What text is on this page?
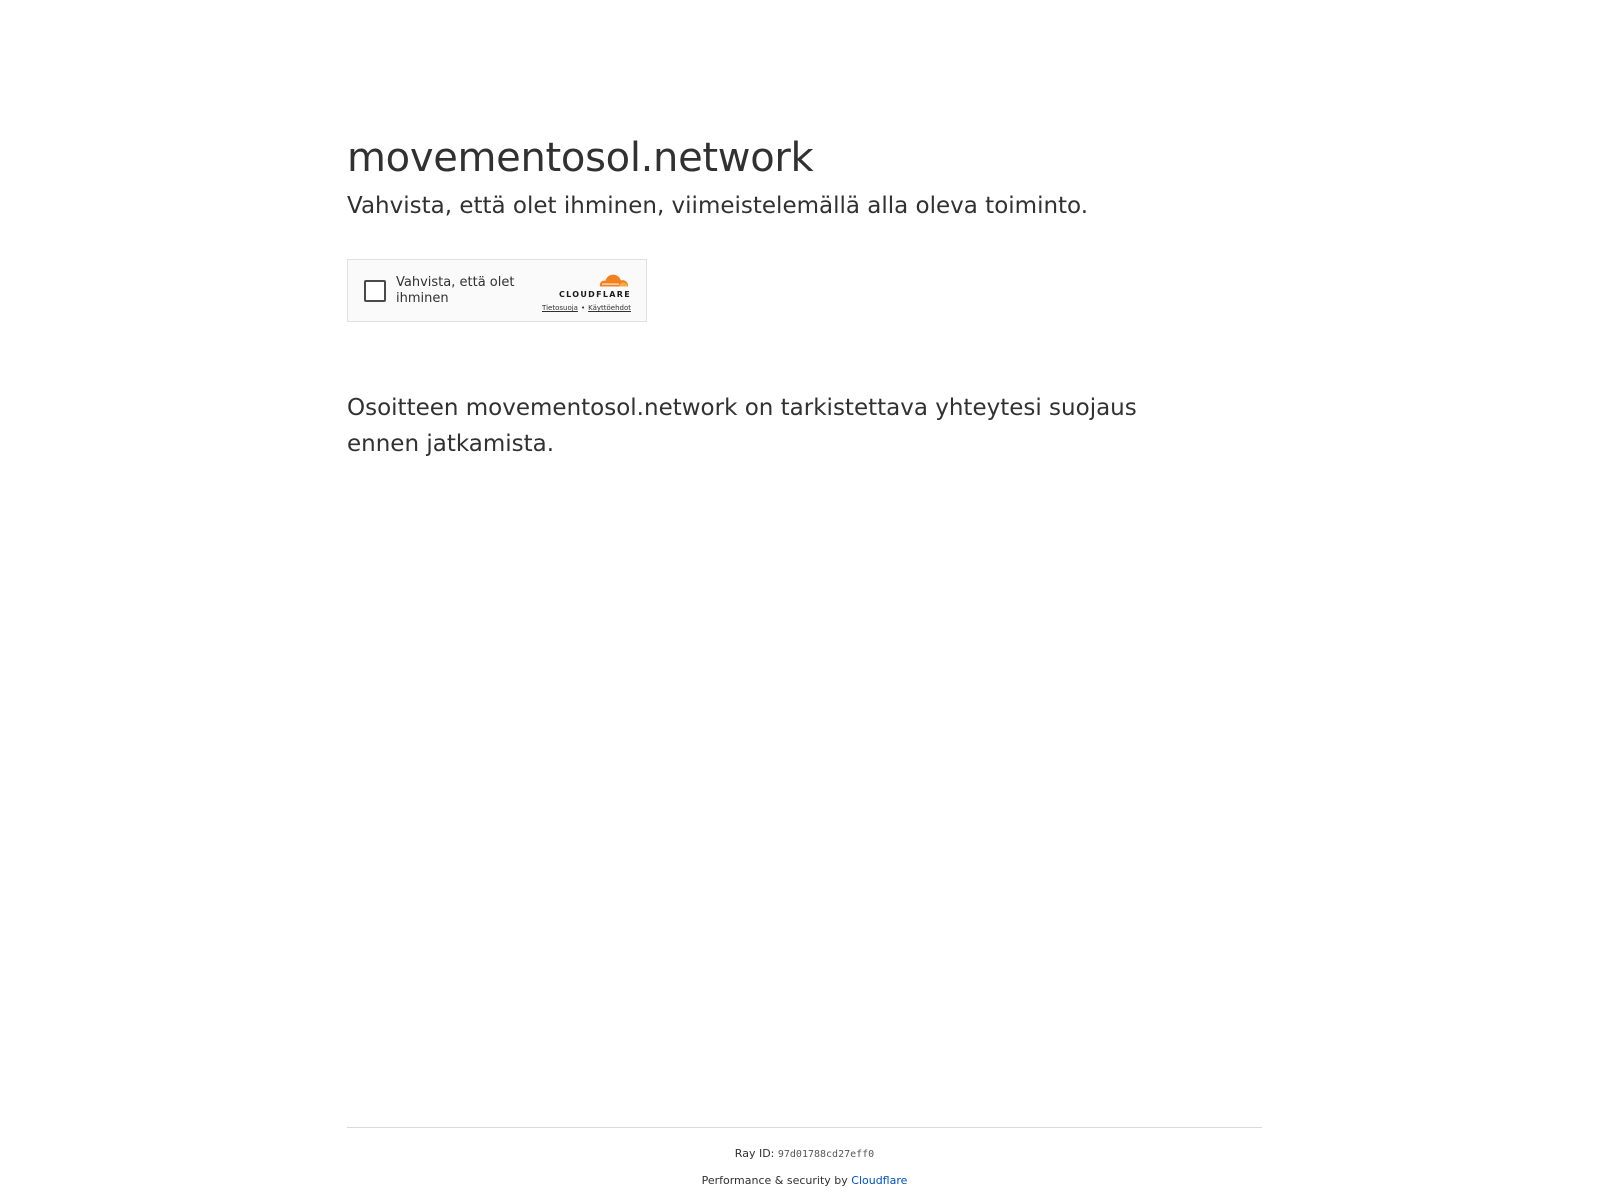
movementosol.network
Vahvista, että olet ihminen, viimeistelemällä alla oleva toiminto.
Vahvista, että olet ihminen	CLOUDFLARE
Tietosuoja • Käyttöehdot
Osoitteen movementosol.network on tarkistettava yhteytesi suojaus ennen jatkamista.
Ray ID: 97d01788cd27eff0
Performance & security by Cloudflare
